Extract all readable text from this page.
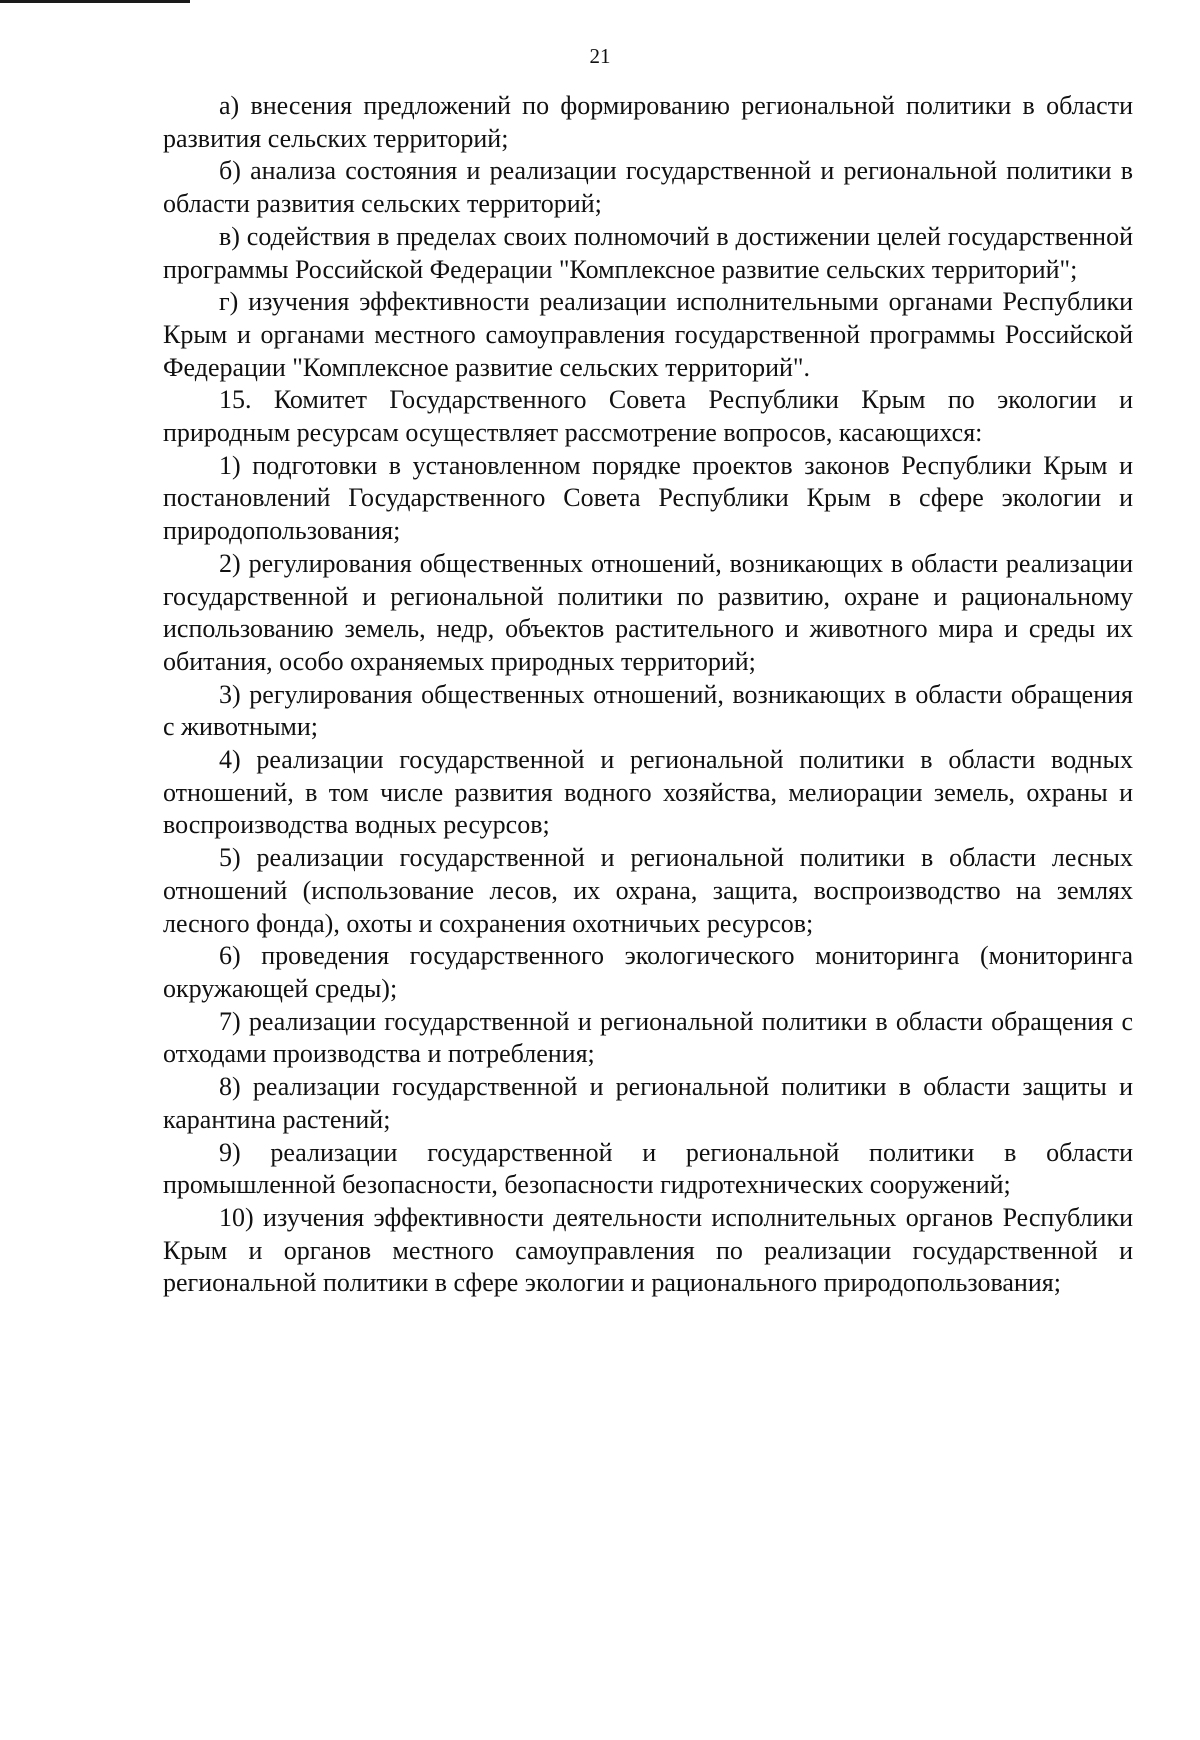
21

а) внесения предложений по формированию региональной политики в области развития сельских территорий;

б) анализа состояния и реализации государственной и региональной политики в области развития сельских территорий;

в) содействия в пределах своих полномочий в достижении целей государственной программы Российской Федерации "Комплексное развитие сельских территорий";

г) изучения эффективности реализации исполнительными органами Республики Крым и органами местного самоуправления государственной программы Российской Федерации "Комплексное развитие сельских территорий".

15. Комитет Государственного Совета Республики Крым по экологии и природным ресурсам осуществляет рассмотрение вопросов, касающихся:

1) подготовки в установленном порядке проектов законов Республики Крым и постановлений Государственного Совета Республики Крым в сфере экологии и природопользования;

2) регулирования общественных отношений, возникающих в области реализации государственной и региональной политики по развитию, охране и рациональному использованию земель, недр, объектов растительного и животного мира и среды их обитания, особо охраняемых природных территорий;

3) регулирования общественных отношений, возникающих в области обращения с животными;

4) реализации государственной и региональной политики в области водных отношений, в том числе развития водного хозяйства, мелиорации земель, охраны и воспроизводства водных ресурсов;

5) реализации государственной и региональной политики в области лесных отношений (использование лесов, их охрана, защита, воспроизводство на землях лесного фонда), охоты и сохранения охотничьих ресурсов;

6) проведения государственного экологического мониторинга (мониторинга окружающей среды);

7) реализации государственной и региональной политики в области обращения с отходами производства и потребления;

8) реализации государственной и региональной политики в области защиты и карантина растений;

9) реализации государственной и региональной политики в области промышленной безопасности, безопасности гидротехнических сооружений;

10) изучения эффективности деятельности исполнительных органов Республики Крым и органов местного самоуправления по реализации государственной и региональной политики в сфере экологии и рационального природопользования;
